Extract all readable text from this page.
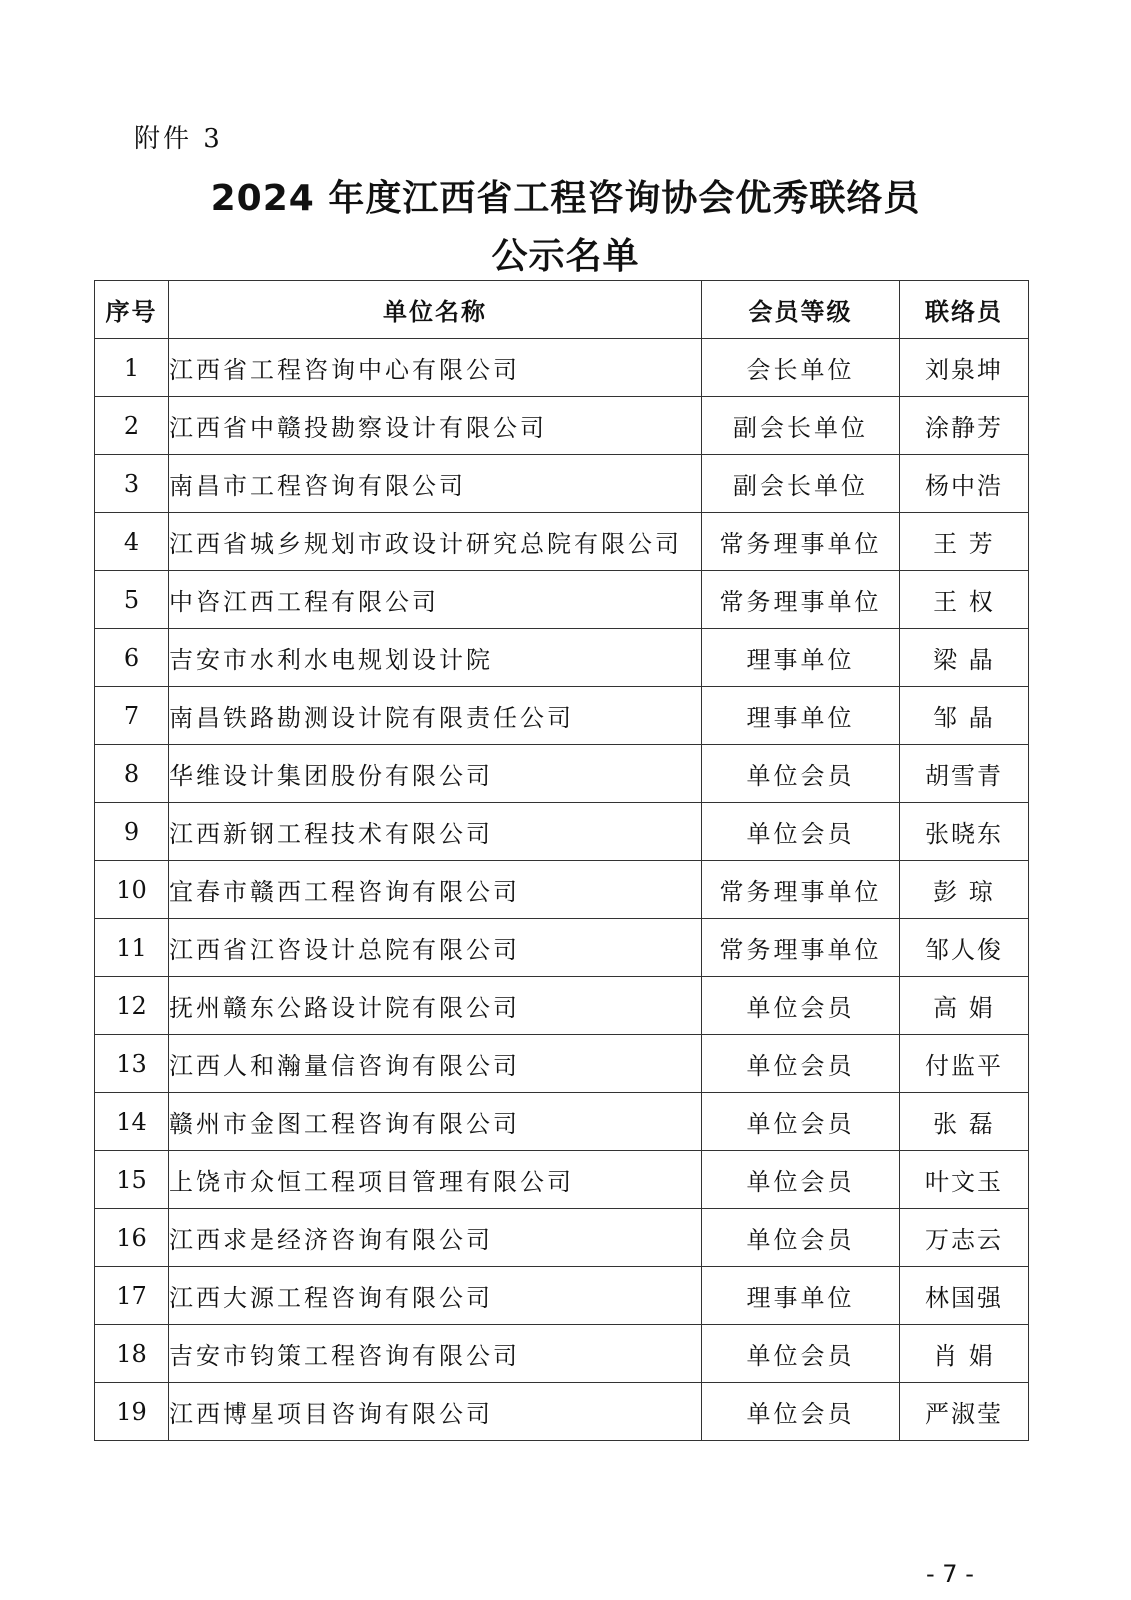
附件 3
2024 年度江西省工程咨询协会优秀联络员
公示名单
序号	单位名称	会员等级	联络员
1	江西省工程咨询中心有限公司	会长单位	刘泉坤
2	江西省中赣投勘察设计有限公司	副会长单位	涂静芳
3	南昌市工程咨询有限公司	副会长单位	杨中浩
4	江西省城乡规划市政设计研究总院有限公司	常务理事单位	王 芳
5	中咨江西工程有限公司	常务理事单位	王 权
6	吉安市水利水电规划设计院	理事单位	梁 晶
7	南昌铁路勘测设计院有限责任公司	理事单位	邹 晶
8	华维设计集团股份有限公司	单位会员	胡雪青
9	江西新钢工程技术有限公司	单位会员	张晓东
10	宜春市赣西工程咨询有限公司	常务理事单位	彭 琼
11	江西省江咨设计总院有限公司	常务理事单位	邹人俊
12	抚州赣东公路设计院有限公司	单位会员	高 娟
13	江西人和瀚量信咨询有限公司	单位会员	付监平
14	赣州市金图工程咨询有限公司	单位会员	张 磊
15	上饶市众恒工程项目管理有限公司	单位会员	叶文玉
16	江西求是经济咨询有限公司	单位会员	万志云
17	江西大源工程咨询有限公司	理事单位	林国强
18	吉安市钧策工程咨询有限公司	单位会员	肖 娟
19	江西博星项目咨询有限公司	单位会员	严淑莹
- 7 -
